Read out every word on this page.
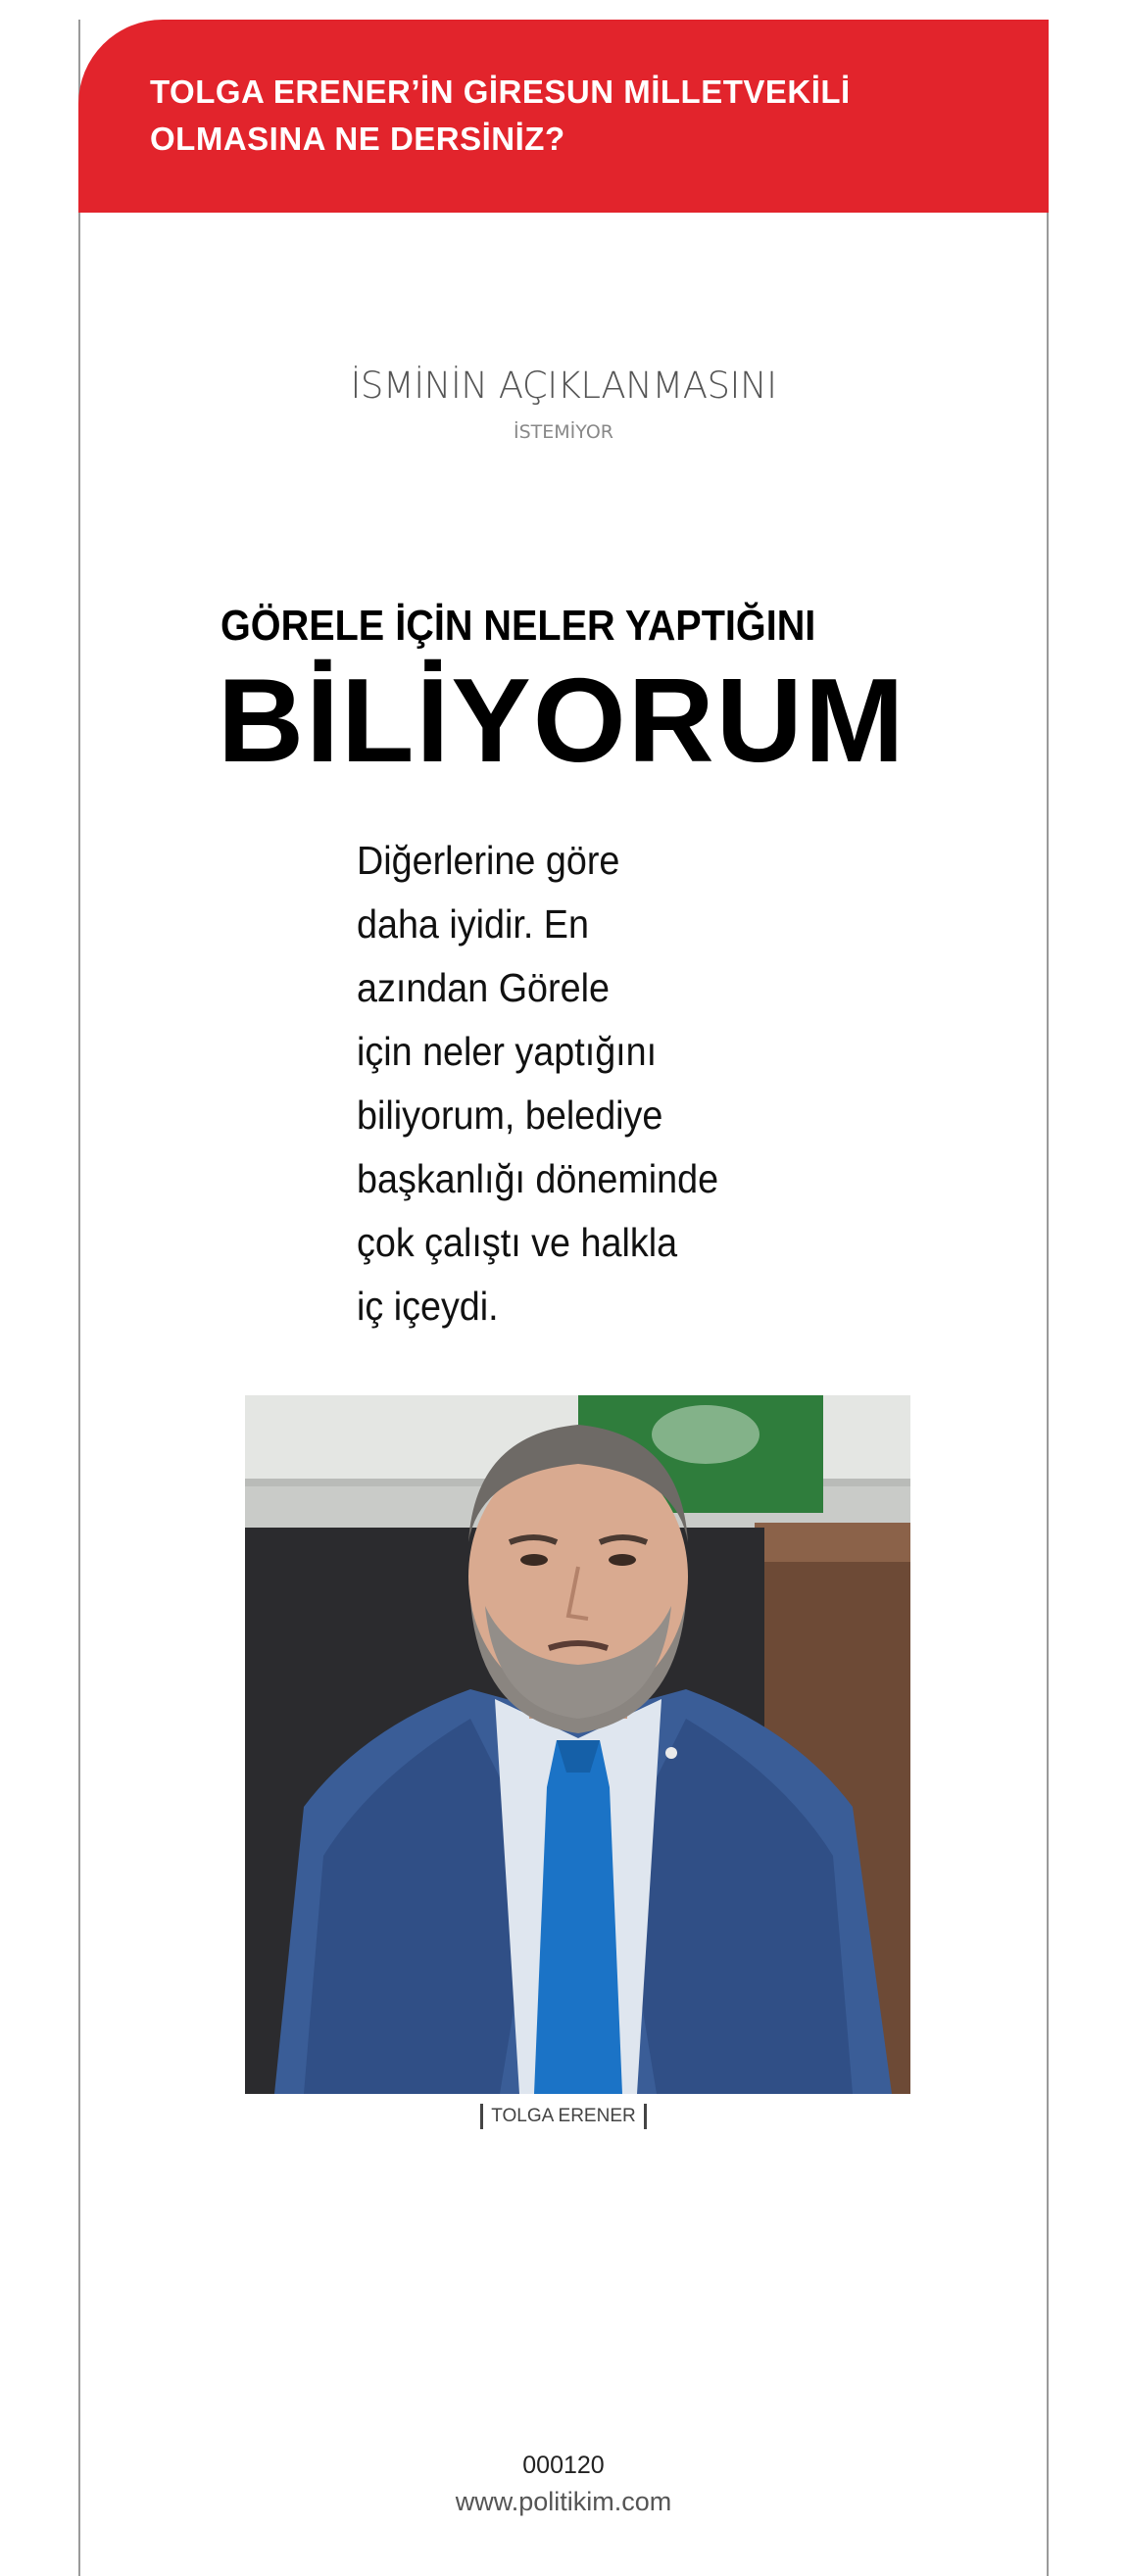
TOLGA ERENER’İN GİRESUN MİLLETVEKİLİ
OLMASINA NE DERSİNİZ?
İSMİNİN AÇIKLANMASINI
İSTEMİYOR
GÖRELE İÇİN NELER YAPTIĞINI
BİLİYORUM
Diğerlerine göre
daha iyidir. En
azından Görele
için neler yaptığını
biliyorum, belediye
başkanlığı döneminde
çok çalıştı ve halkla
iç içeydi.
TOLGA ERENER
000120
www.politikim.com
